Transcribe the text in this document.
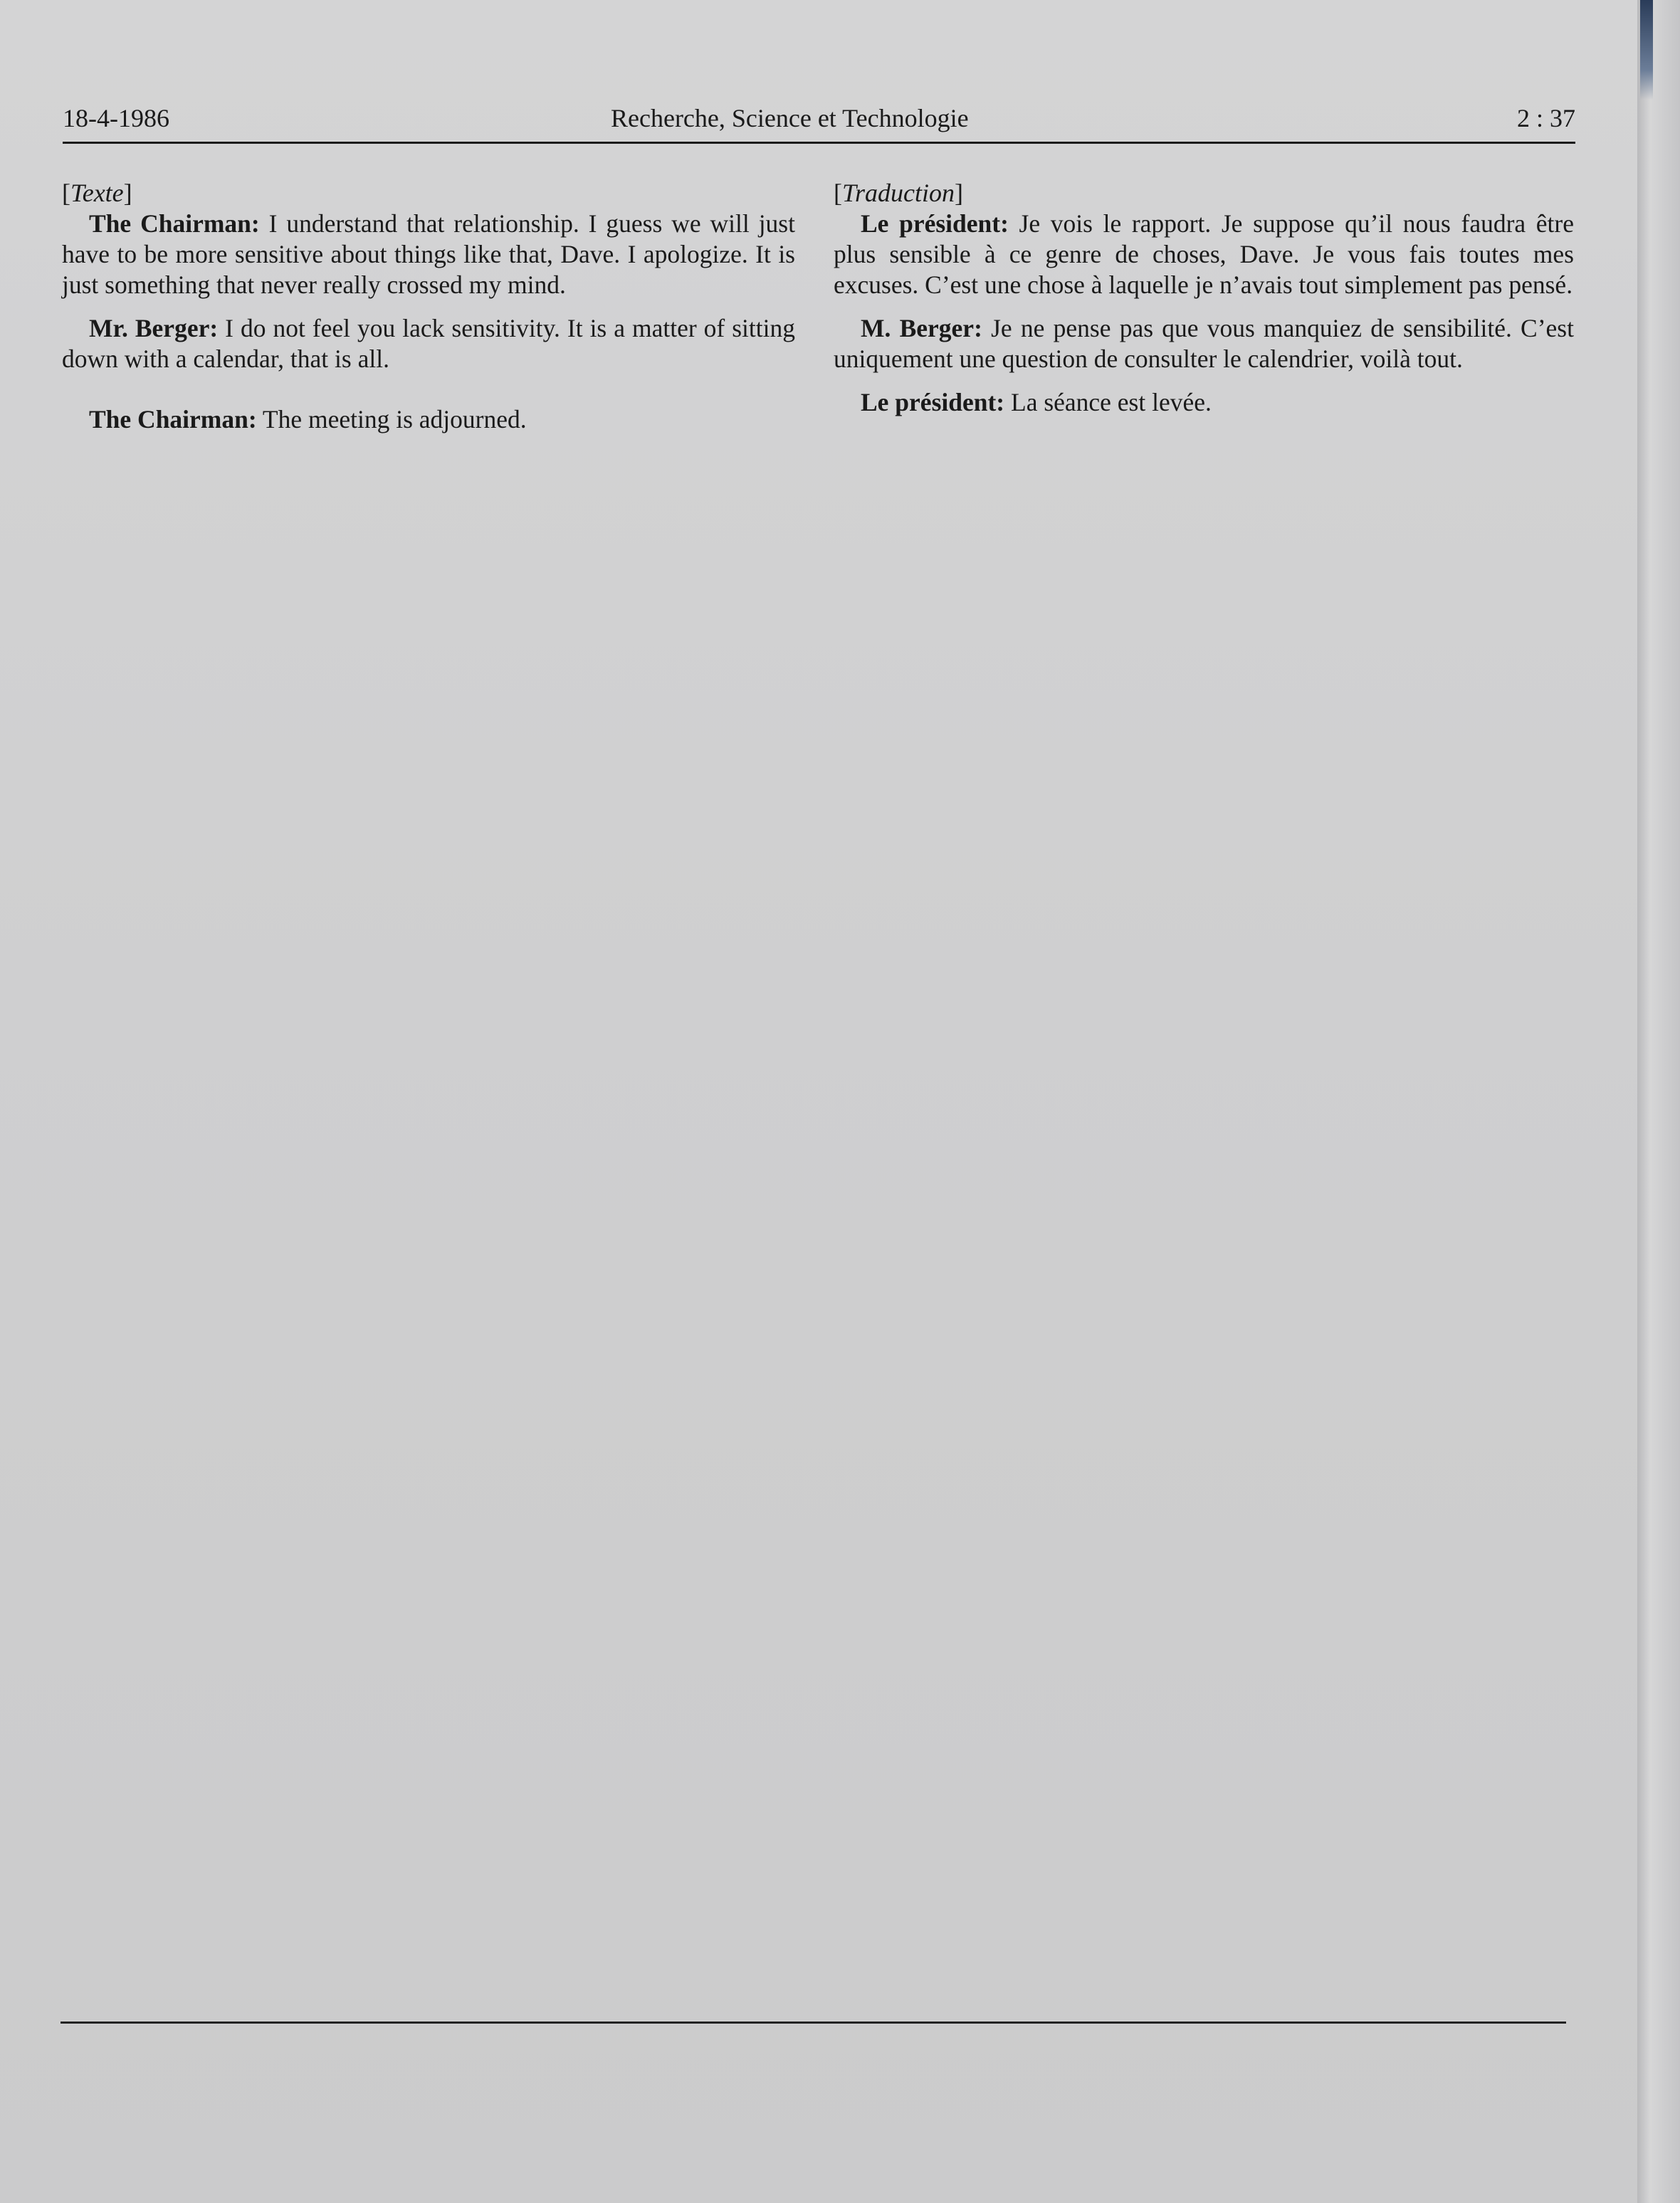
18-4-1986	Recherche, Science et Technologie	2 : 37
[Texte]

The Chairman: I understand that relationship. I guess we will just have to be more sensitive about things like that, Dave. I apologize. It is just something that never really crossed my mind.

Mr. Berger: I do not feel you lack sensitivity. It is a matter of sitting down with a calendar, that is all.

The Chairman: The meeting is adjourned.

[Traduction]

Le président: Je vois le rapport. Je suppose qu’il nous faudra être plus sensible à ce genre de choses, Dave. Je vous fais toutes mes excuses. C’est une chose à laquelle je n’avais tout simplement pas pensé.

M. Berger: Je ne pense pas que vous manquiez de sensibilité. C’est uniquement une question de consulter le calendrier, voilà tout.

Le président: La séance est levée.
